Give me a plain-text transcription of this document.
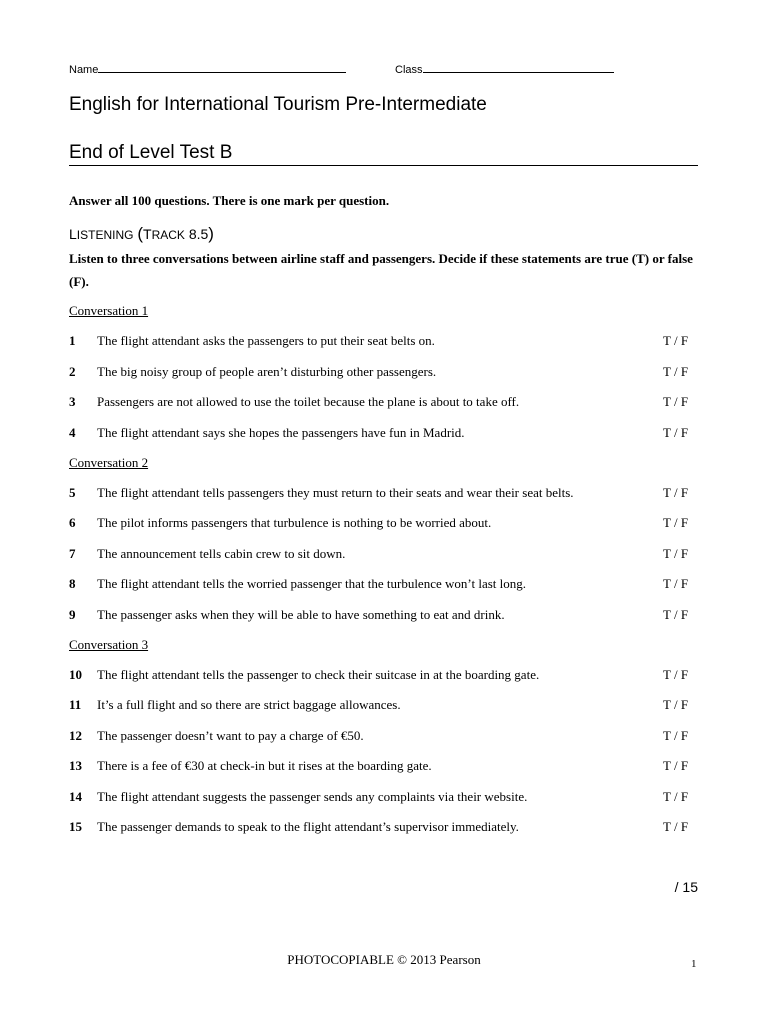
Name	Class
English for International Tourism Pre-Intermediate
End of Level Test B
Answer all 100 questions. There is one mark per question.
LISTENING (TRACK 8.5)
Listen to three conversations between airline staff and passengers. Decide if these statements are true (T) or false (F).
Conversation 1
1 The flight attendant asks the passengers to put their seat belts on.	T / F
2 The big noisy group of people aren’t disturbing other passengers.	T / F
3 Passengers are not allowed to use the toilet because the plane is about to take off.	T / F
4 The flight attendant says she hopes the passengers have fun in Madrid.	T / F
Conversation 2
5 The flight attendant tells passengers they must return to their seats and wear their seat belts.	T / F
6 The pilot informs passengers that turbulence is nothing to be worried about.	T / F
7 The announcement tells cabin crew to sit down.	T / F
8 The flight attendant tells the worried passenger that the turbulence won’t last long.	T / F
9 The passenger asks when they will be able to have something to eat and drink.	T / F
Conversation 3
10 The flight attendant tells the passenger to check their suitcase in at the boarding gate.	T / F
11 It’s a full flight and so there are strict baggage allowances.	T / F
12 The passenger doesn’t want to pay a charge of €50.	T / F
13 There is a fee of €30 at check-in but it rises at the boarding gate.	T / F
14 The flight attendant suggests the passenger sends any complaints via their website.	T / F
15 The passenger demands to speak to the flight attendant’s supervisor immediately.	T / F
/ 15
PHOTOCOPIABLE © 2013 Pearson	1
